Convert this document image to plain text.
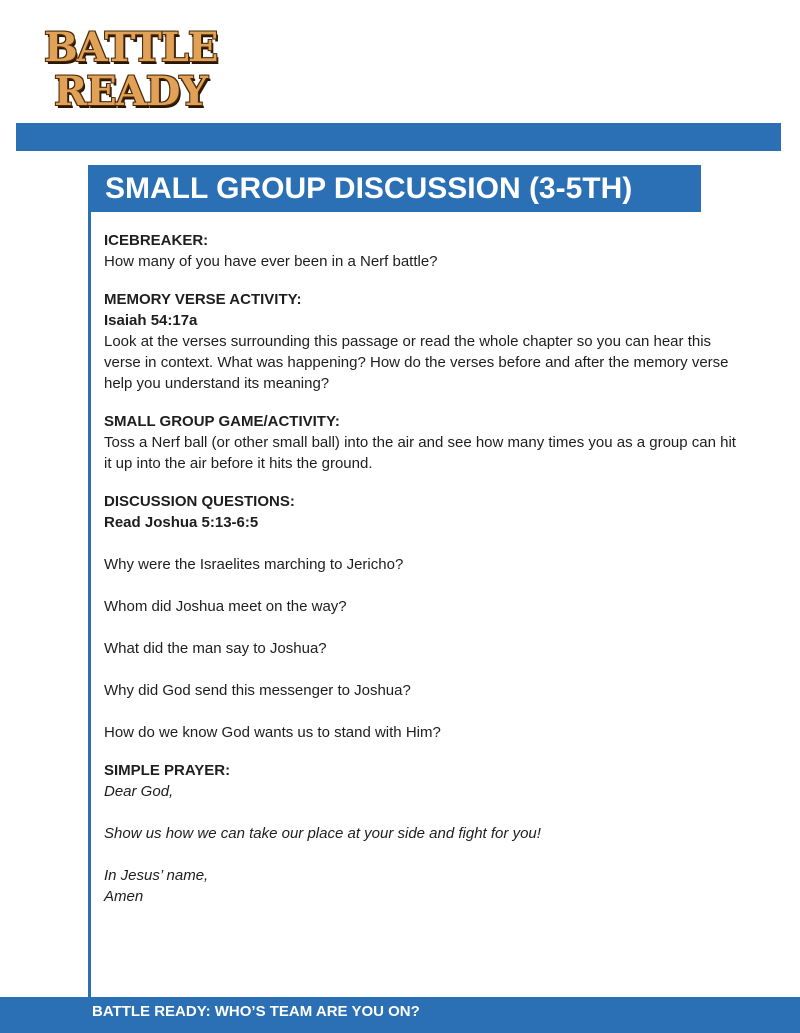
BATTLE
READY
SMALL GROUP DISCUSSION (3-5TH)

ICEBREAKER:

How many of you have ever been in a Nerf battle?

MEMORY VERSE ACTIVITY:

Isaiah 54:17a

Look at the verses surrounding this passage or read the whole chapter so you can hear this verse in context. What was happening? How do the verses before and after the memory verse help you understand its meaning?

SMALL GROUP GAME/ACTIVITY:

Toss a Nerf ball (or other small ball) into the air and see how many times you as a group can hit it up into the air before it hits the ground.

DISCUSSION QUESTIONS:

Read Joshua 5:13-6:5

Why were the Israelites marching to Jericho?

Whom did Joshua meet on the way?

What did the man say to Joshua?

Why did God send this messenger to Joshua?

How do we know God wants us to stand with Him?

SIMPLE PRAYER:

Dear God,

Show us how we can take our place at your side and fight for you!

In Jesus’ name,

Amen

BATTLE READY: WHO’S TEAM ARE YOU ON?
